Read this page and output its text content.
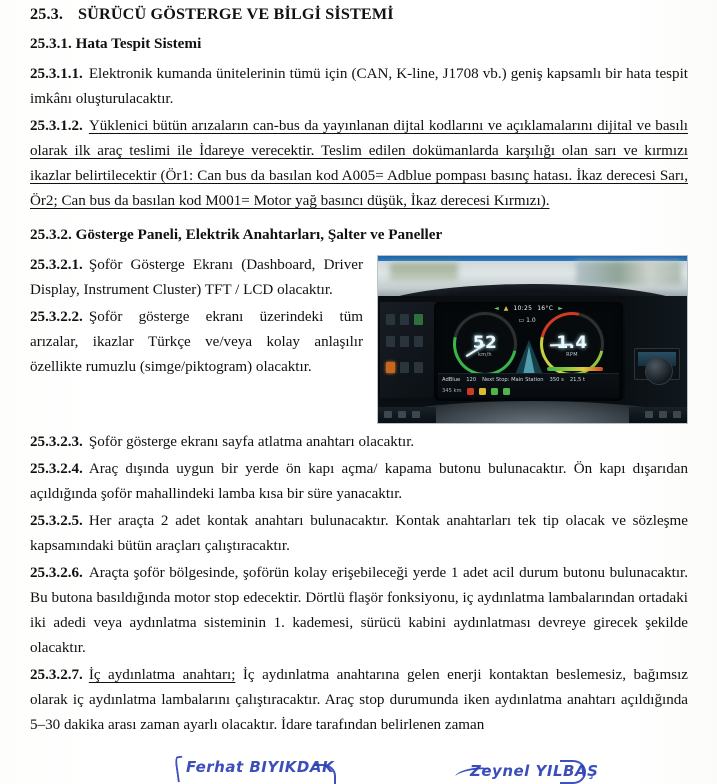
25.3. SÜRÜCÜ GÖSTERGE VE BİLGİ SİSTEMİ
25.3.1. Hata Tespit Sistemi

25.3.1.1. Elektronik kumanda ünitelerinin tümü için (CAN, K-line, J1708 vb.) geniş kapsamlı bir hata tespit imkânı oluşturulacaktır.

25.3.1.2. Yüklenici bütün arızaların can-bus da yayınlanan dijtal kodlarını ve açıklamalarını dijital ve basılı olarak ilk araç teslimi ile İdareye verecektir. Teslim edilen dokümanlarda karşılığı olan sarı ve kırmızı ikazlar belirtilecektir (Ör1: Can bus da basılan kod A005= Adblue pompası basınç hatası. İkaz derecesi Sarı, Ör2; Can bus da basılan kod M001= Motor yağ basıncı düşük, İkaz derecesi Kırmızı).

25.3.2. Gösterge Paneli, Elektrik Anahtarları, Şalter ve Paneller
◄ ▲ 10:25 16°C ►
▭ 1.0
52
km/h
1.4
RPM
AdBlue 120 Next Stop: Main Station 350 s 21,5 t
345 km

25.3.2.1. Şoför Gösterge Ekranı (Dashboard, Driver Display, Instrument Cluster) TFT / LCD olacaktır.

25.3.2.2. Şoför gösterge ekranı üzerindeki tüm arızalar, ikazlar Türkçe ve/veya kolay anlaşılır özellikte rumuzlu (simge/piktogram) olacaktır.

25.3.2.3. Şoför gösterge ekranı sayfa atlatma anahtarı olacaktır.

25.3.2.4. Araç dışında uygun bir yerde ön kapı açma/ kapama butonu bulunacaktır. Ön kapı dışarıdan açıldığında şoför mahallindeki lamba kısa bir süre yanacaktır.

25.3.2.5. Her araçta 2 adet kontak anahtarı bulunacaktır. Kontak anahtarları tek tip olacak ve sözleşme kapsamındaki bütün araçları çalıştıracaktır.

25.3.2.6. Araçta şoför bölgesinde, şoförün kolay erişebileceği yerde 1 adet acil durum butonu bulunacaktır. Bu butona basıldığında motor stop edecektir. Dörtlü flaşör fonksiyonu, iç aydınlatma lambalarından ortadaki iki adedi veya aydınlatma sisteminin 1. kademesi, sürücü kabini aydınlatması devreye girecek şekilde olacaktır.

25.3.2.7. İç aydınlatma anahtarı; İç aydınlatma anahtarına gelen enerji kontaktan beslemesiz, bağımsız olarak iç aydınlatma lambalarını çalıştıracaktır. Araç stop durumunda iken aydınlatma anahtarı açıldığında 5–30 dakika arası zaman ayarlı olacaktır. İdare tarafından belirlenen zaman

Ferhat BIYIKDAK	Zeynel YILBAŞ
